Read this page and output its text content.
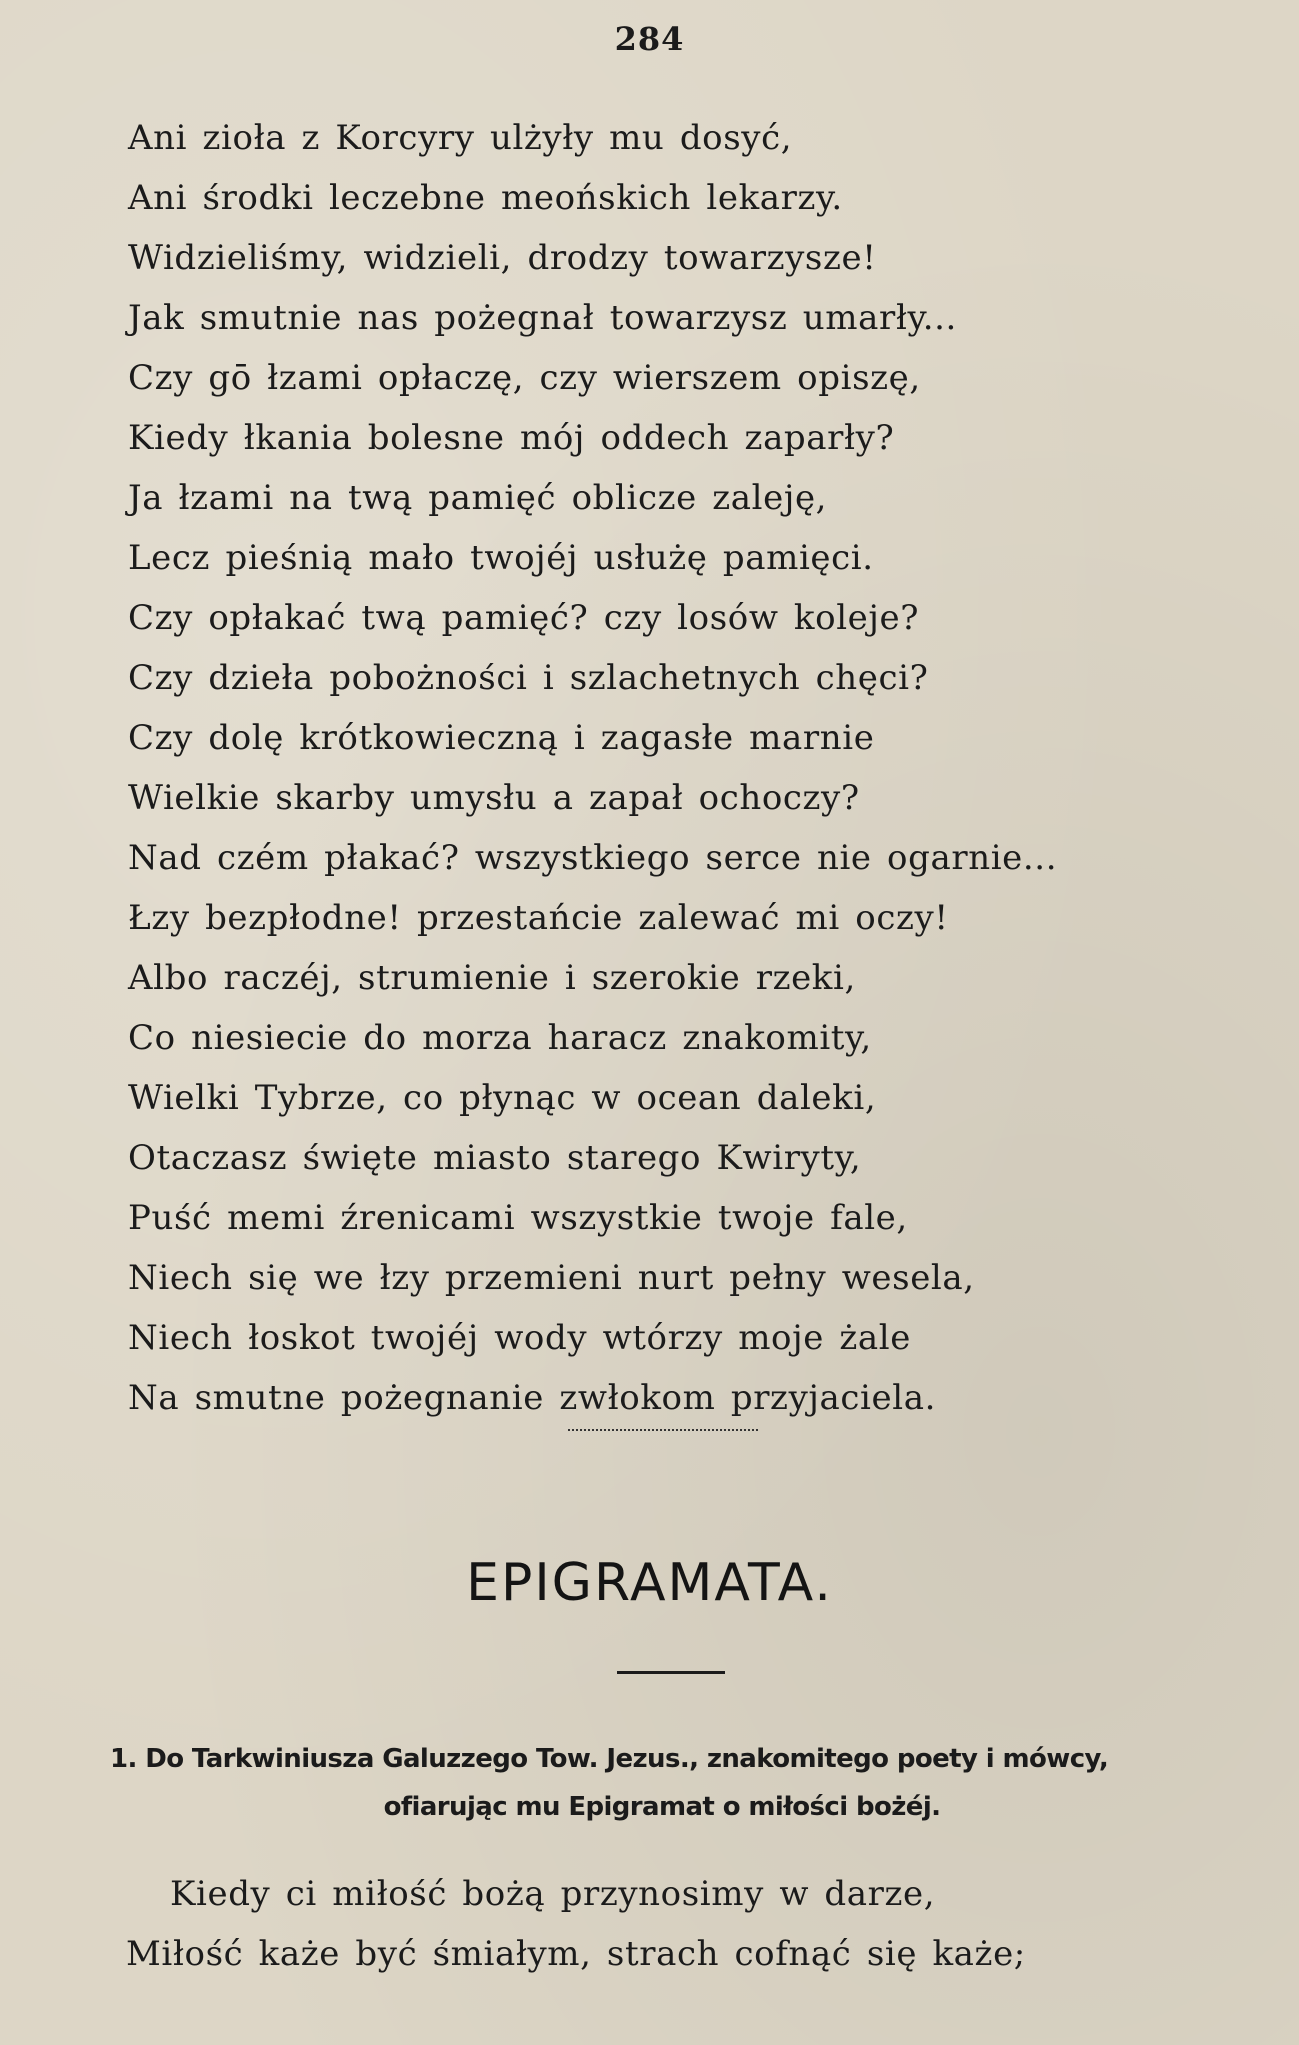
284
Ani zioła z Korcyry ulżyły mu dosyć,
Ani środki leczebne meońskich lekarzy.
Widzieliśmy, widzieli, drodzy towarzysze!
Jak smutnie nas pożegnał towarzysz umarły...
Czy gō łzami opłaczę, czy wierszem opiszę,
Kiedy łkania bolesne mój oddech zaparły?
Ja łzami na twą pamięć oblicze zaleję,
Lecz pieśnią mało twojéj usłużę pamięci.
Czy opłakać twą pamięć? czy losów koleje?
Czy dzieła pobożności i szlachetnych chęci?
Czy dolę krótkowieczną i zagasłe marnie
Wielkie skarby umysłu a zapał ochoczy?
Nad czém płakać? wszystkiego serce nie ogarnie...
Łzy bezpłodne! przestańcie zalewać mi oczy!
Albo raczéj, strumienie i szerokie rzeki,
Co niesiecie do morza haracz znakomity,
Wielki Tybrze, co płynąc w ocean daleki,
Otaczasz święte miasto starego Kwiryty,
Puść memi źrenicami wszystkie twoje fale,
Niech się we łzy przemieni nurt pełny wesela,
Niech łoskot twojéj wody wtórzy moje żale
Na smutne pożegnanie zwłokom przyjaciela.
EPIGRAMATA.
1. Do Tarkwiniusza Galuzzego Tow. Jezus., znakomitego poety i mówcy,
ofiarując mu Epigramat o miłości bożéj.
Kiedy ci miłość bożą przynosimy w darze,
Miłość każe być śmiałym, strach cofnąć się każe;
